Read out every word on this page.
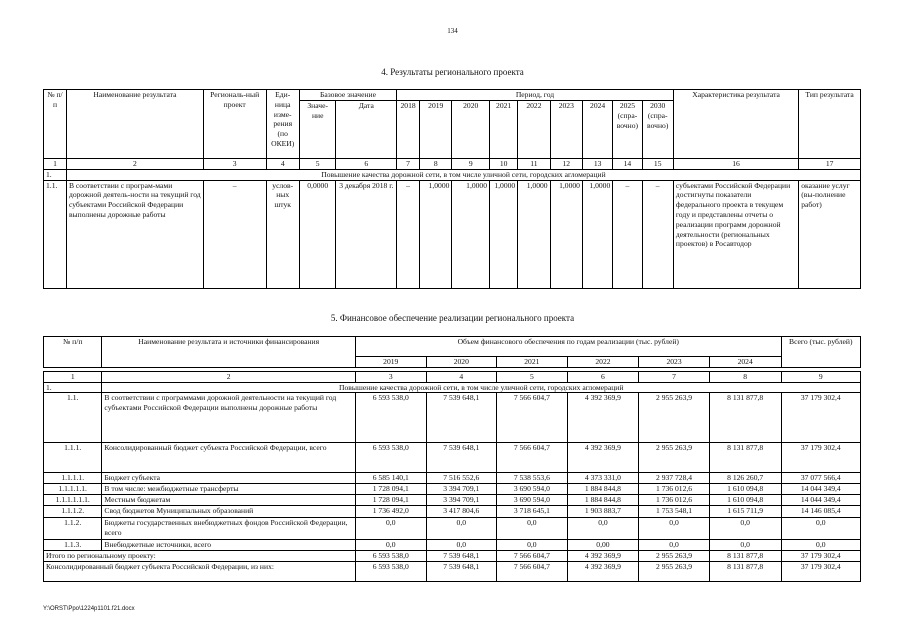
134
4. Результаты регионального проекта
№ п/п	Наименование результата	Региональ-ный проект	Еди-ница изме-рения (по ОКЕИ)	Базовое значение		Период, год									Характеристика результата	Тип результата
				Значе-ние	Дата	2018	2019	2020	2021	2022	2023	2024	2025 (спра-вочно)	2030 (спра-вочно)		

1	2	3	4	5	6	7	8	9	10	11	12	13	14	15	16	17
1.	Повышение качества дорожной сети, в том числе уличной сети, городских агломераций															
1.1.	В соответствии с програм-мами дорожной деятель-ности на текущий год субъектами Российской Федерации выполнены дорожные работы	–	услов-ных штук	0,0000	3 декабря 2018 г.	–	1,0000	1,0000	1,0000	1,0000	1,0000	1,0000	–	–	субъектами Российской Федерации достигнуты показатели федерального проекта в текущем году и представлены отчеты о реализации программ дорожной деятельности (региональных проектов) в Росавтодор	оказание услуг (вы-полнение работ)
5. Финансовое обеспечение реализации регионального проекта
№ п/п	Наименование результата и источники финансирования	Объем финансового обеспечения по годам реализации (тыс. рублей)						Всего (тыс. рублей)
		2019	2020	2021	2022	2023	2024	

1	2	3	4	5	6	7	8	9
1.	Повышение качества дорожной сети, в том числе уличной сети, городских агломераций							
1.1.	В соответствии с программами дорожной деятельности на текущий год субъектами Российской Федерации выполнены дорожные работы	6 593 538,0	7 539 648,1	7 566 604,7	4 392 369,9	2 955 263,9	8 131 877,8	37 179 302,4
1.1.1.	Консолидированный бюджет субъекта Российской Федерации, всего	6 593 538,0	7 539 648,1	7 566 604,7	4 392 369,9	2 955 263,9	8 131 877,8	37 179 302,4
1.1.1.1.	Бюджет субъекта	6 585 140,1	7 516 552,6	7 538 553,6	4 373 331,0	2 937 728,4	8 126 260,7	37 077 566,4
1.1.1.1.1.	В том числе: межбюджетные трансферты	1 728 094,1	3 394 709,1	3 690 594,0	1 884 844,8	1 736 012,6	1 610 094,8	14 044 349,4
1.1.1.1.1.1.	Местным бюджетам	1 728 094,1	3 394 709,1	3 690 594,0	1 884 844,8	1 736 012,6	1 610 094,8	14 044 349,4
1.1.1.2.	Свод бюджетов Муниципальных образований	1 736 492,0	3 417 804,6	3 718 645,1	1 903 883,7	1 753 548,1	1 615 711,9	14 146 085,4
1.1.2.	Бюджеты государственных внебюджетных фондов Российской Федерации, всего	0,0	0,0	0,0	0,0	0,0	0,0	0,0
1.1.3.	Внебюджетные источники, всего	0,0	0,0	0,0	0,00	0,0	0,0	0,0
Итого по региональному проекту:		6 593 538,0	7 539 648,1	7 566 604,7	4 392 369,9	2 955 263,9	8 131 877,8	37 179 302,4
Консолидированный бюджет субъекта Российской Федерации, из них:		6 593 538,0	7 539 648,1	7 566 604,7	4 392 369,9	2 955 263,9	8 131 877,8	37 179 302,4
Y:\ORST\Ppo\1224p1101.f21.docx
